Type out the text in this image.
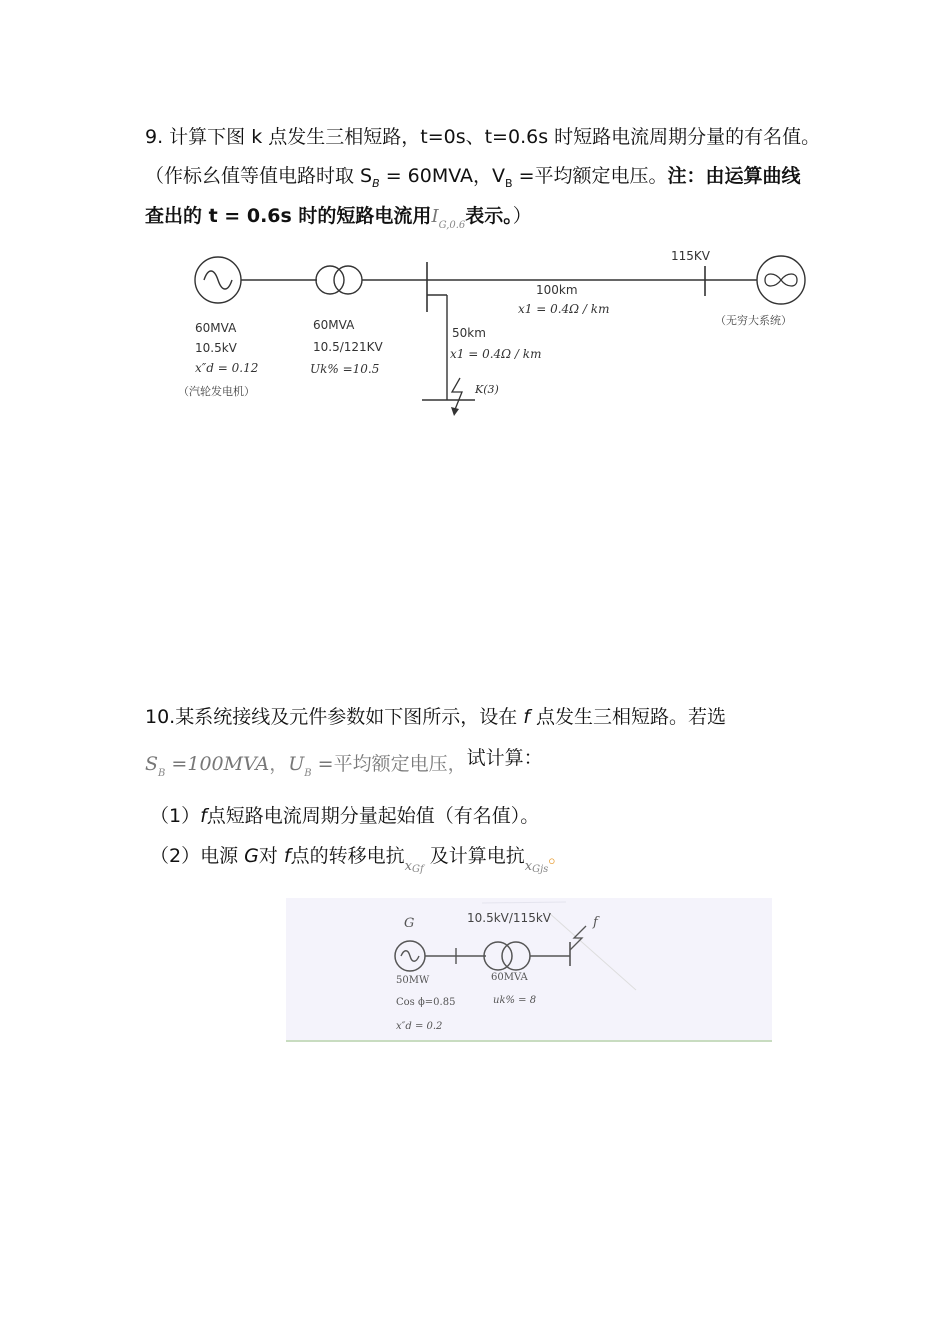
9. 计算下图 k 点发生三相短路，t=0s、t=0.6s 时短路电流周期分量的有名值。
（作标幺值等值电路时取 $S_B = 60MVA$，$V_B$ =平均额定电压。注：由运算曲线
查出的 t = 0.6s 时的短路电流用$I_{G,0.6}$表示。）
60MVA
10.5kV
x″d = 0.12
（汽轮发电机）
60MVA
10.5/121KV
Uk% =10.5
115KV
100km
x1 = 0.4Ω / km
50km
x1 = 0.4Ω / km
K(3)
（无穷大系统）
10.某系统接线及元件参数如下图所示，设在 f 点发生三相短路。若选
$S_B =100MVA$，$U_B$ =平均额定电压，试计算：
（1）f点短路电流周期分量起始值（有名值）。
（2）电源 G对 f点的转移电抗$_{xGf}$ 及计算电抗$_{xGjs}$。
G	10.5kV/115kV	f
50MW
Cos ϕ=0.85
x″d = 0.2
60MVA
uk% = 8
